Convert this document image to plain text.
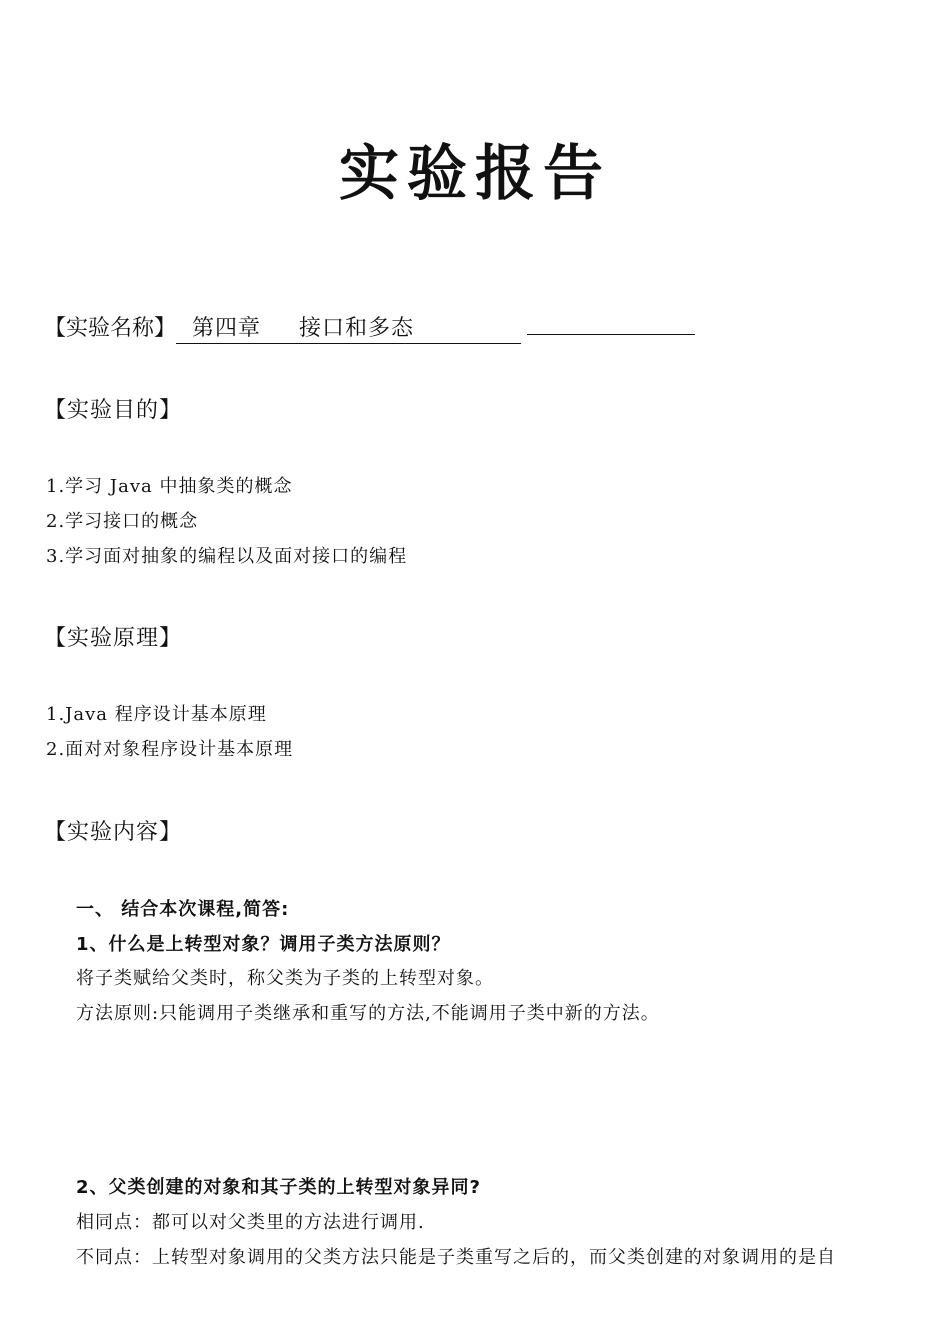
实验报告
【实验名称】 第四章 接口和多态
【实验目的】
1.学习 Java 中抽象类的概念
2.学习接口的概念
3.学习面对抽象的编程以及面对接口的编程
【实验原理】
1.Java 程序设计基本原理
2.面对对象程序设计基本原理
【实验内容】
一、 结合本次课程,简答:
1、什么是上转型对象？调用子类方法原则？
将子类赋给父类时，称父类为子类的上转型对象。
方法原则:只能调用子类继承和重写的方法,不能调用子类中新的方法。
2、父类创建的对象和其子类的上转型对象异同?
相同点：都可以对父类里的方法进行调用.
不同点：上转型对象调用的父类方法只能是子类重写之后的，而父类创建的对象调用的是自
